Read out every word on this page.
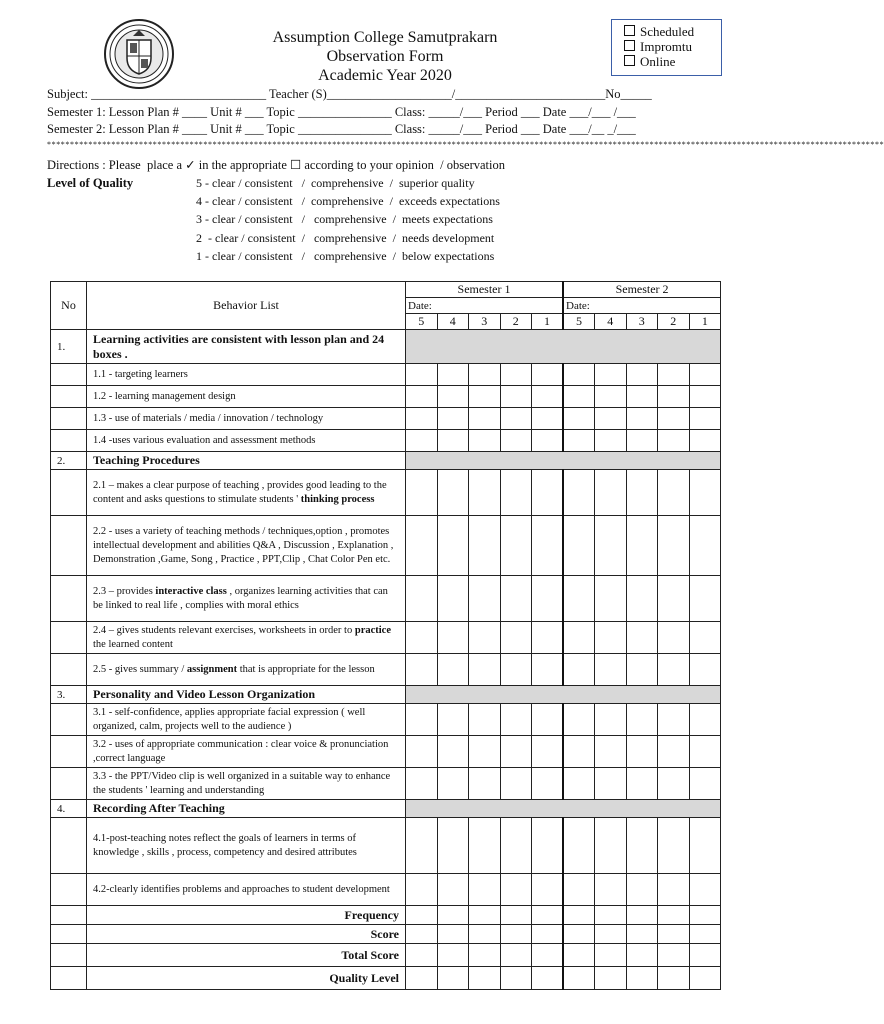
Assumption College Samutprakarn
Observation Form
Academic Year 2020
Scheduled
Impromtu
Online
Subject: ____________________________ Teacher (S)____________________/________________________No_____
Semester 1: Lesson Plan # ____ Unit # ___ Topic _______________ Class: _____/___ Period ___ Date ___/___ /___
Semester 2: Lesson Plan # ____ Unit # ___ Topic _______________ Class: _____/___ Period ___ Date ___/__ _/___
**************************************************************************************************************************************************************************************
Directions : Please  place a ✓ in the appropriate ☐ according to your opinion  / observation
Level of Quality	5 - clear / consistent   /  comprehensive  /  superior quality
4 - clear / consistent   /  comprehensive  /  exceeds expectations
3 - clear / consistent   /   comprehensive  /  meets expectations
2  - clear / consistent  /   comprehensive  /  needs development
1 - clear / consistent   /   comprehensive  /  below expectations
No	Behavior List	Semester 1					Semester 2				
		Date:					Date:				
		5	4	3	2	1	5	4	3	2	1
1.	Learning activities are consistent with lesson plan and 24 boxes .										
	1.1 - targeting learners										
	1.2 - learning management design										
	1.3 - use of materials / media / innovation / technology										
	1.4 -uses various evaluation and assessment methods										
2.	Teaching Procedures										
	2.1 – makes a clear purpose of teaching , provides good leading to the content and asks questions to stimulate students ' thinking process										
	2.2 - uses a variety of teaching methods / techniques,option , promotes intellectual development and abilities Q&A , Discussion , Explanation , Demonstration ,Game, Song , Practice , PPT,Clip , Chat Color Pen etc.										
	2.3 – provides interactive class , organizes learning activities that can be linked to real life , complies with moral ethics										
	2.4 – gives students relevant exercises, worksheets in order to practice the learned content										
	2.5 - gives summary / assignment that is appropriate for the lesson										
3.	Personality and Video Lesson Organization										
	3.1 - self-confidence, applies appropriate facial expression ( well organized, calm, projects well to the audience )										
	3.2 - uses of appropriate communication : clear voice & pronunciation ,correct language										
	3.3 - the PPT/Video clip is well organized in a suitable way to enhance the students ' learning and understanding										
4.	Recording After Teaching										
	4.1-post-teaching notes reflect the goals of learners in terms of knowledge , skills , process, competency and desired attributes										
	4.2-clearly identifies problems and approaches to student development										
	Frequency										
	Score										
	Total Score										
	Quality Level										
